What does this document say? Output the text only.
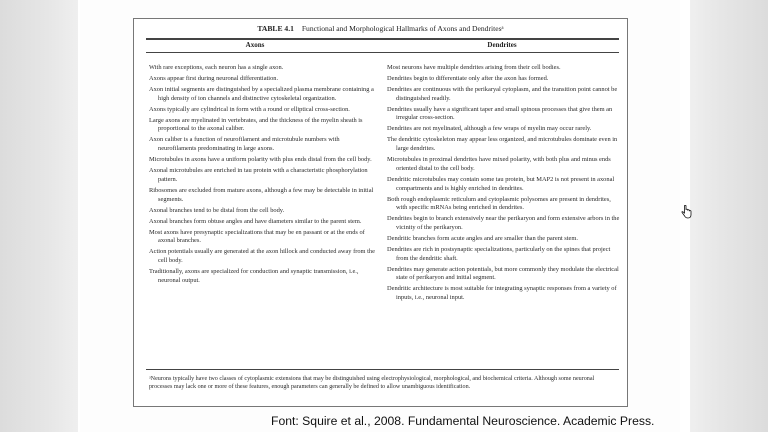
TABLE 4.1 Functional and Morphological Hallmarks of Axons and Dendritesᵃ
Axons	Dendrites

With rare exceptions, each neuron has a single axon.

Axons appear first during neuronal differentiation.

Axon initial segments are distinguished by a specialized plasma membrane containing a high density of ion channels and distinctive cytoskeletal organization.

Axons typically are cylindrical in form with a round or elliptical cross-section.

Large axons are myelinated in vertebrates, and the thickness of the myelin sheath is proportional to the axonal caliber.

Axon caliber is a function of neurofilament and microtubule numbers with neurofilaments predominating in large axons.

Microtubules in axons have a uniform polarity with plus ends distal from the cell body.

Axonal microtubules are enriched in tau protein with a characteristic phosphorylation pattern.

Ribosomes are excluded from mature axons, although a few may be detectable in initial segments.

Axonal branches tend to be distal from the cell body.

Axonal branches form obtuse angles and have diameters similar to the parent stem.

Most axons have presynaptic specializations that may be en passant or at the ends of axonal branches.

Action potentials usually are generated at the axon hillock and conducted away from the cell body.

Traditionally, axons are specialized for conduction and synaptic transmission, i.e., neuronal output.

Most neurons have multiple dendrites arising from their cell bodies.

Dendrites begin to differentiate only after the axon has formed.

Dendrites are continuous with the perikaryal cytoplasm, and the transition point cannot be distinguished readily.

Dendrites usually have a significant taper and small spinous processes that give them an irregular cross-section.

Dendrites are not myelinated, although a few wraps of myelin may occur rarely.

The dendritic cytoskeleton may appear less organized, and microtubules dominate even in large dendrites.

Microtubules in proximal dendrites have mixed polarity, with both plus and minus ends oriented distal to the cell body.

Dendritic microtubules may contain some tau protein, but MAP2 is not present in axonal compartments and is highly enriched in dendrites.

Both rough endoplasmic reticulum and cytoplasmic polysomes are present in dendrites, with specific mRNAs being enriched in dendrites.

Dendrites begin to branch extensively near the perikaryon and form extensive arbors in the vicinity of the perikaryon.

Dendritic branches form acute angles and are smaller than the parent stem.

Dendrites are rich in postsynaptic specializations, particularly on the spines that project from the dendritic shaft.

Dendrites may generate action potentials, but more commonly they modulate the electrical state of perikaryon and initial segment.

Dendritic architecture is most suitable for integrating synaptic responses from a variety of inputs, i.e., neuronal input.

ᵃNeurons typically have two classes of cytoplasmic extensions that may be distinguished using electrophysiological, morphological, and biochemical criteria. Although some neuronal processes may lack one or more of these features, enough parameters can generally be defined to allow unambiguous identification.
Font: Squire et al., 2008. Fundamental Neuroscience. Academic Press.
